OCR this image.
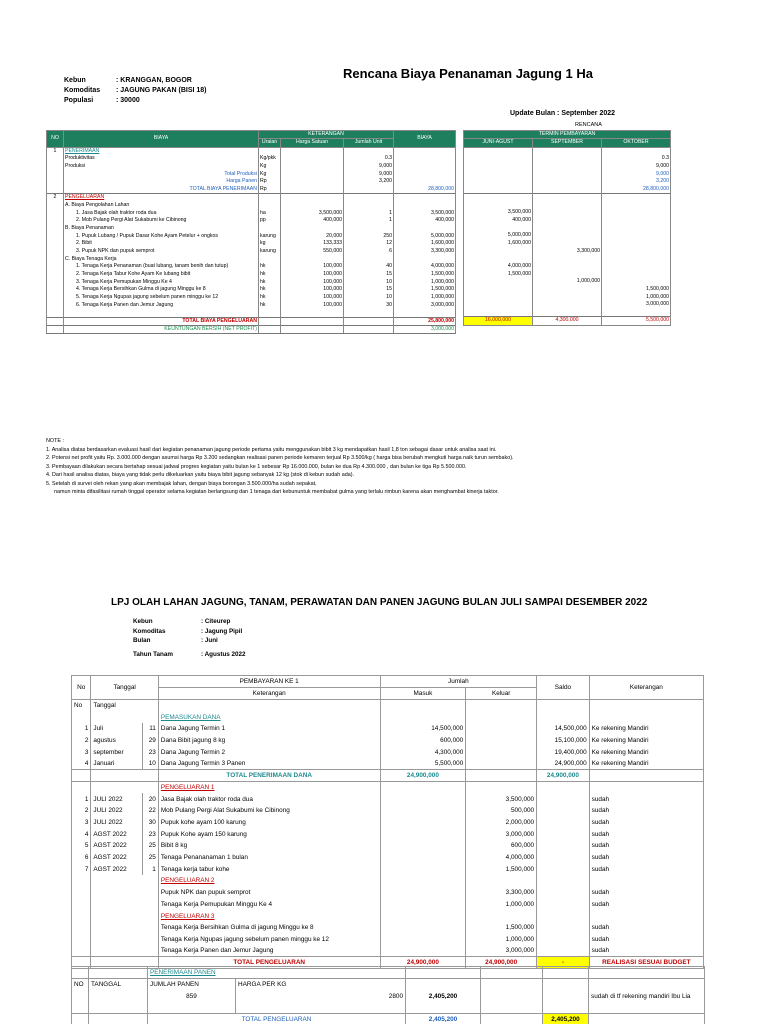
Rencana Biaya Penanaman Jagung 1 Ha
Kebun	: KRANGGAN, BOGOR
Komoditas : JAGUNG PAKAN (BISI 18)
Populasi	: 30000
Update Bulan : September 2022
RENCANA
NO	BIAYA	KETERANGAN			BIAYA
		Uraian	Harga Satuan	Jumlah Unit	
1	PENERIMAAN				
	Produktivitas	Kg/pkk		0.3	
	Produksi	Kg		9,000	
	Total Produksi	Kg		9,000	
	Harga Panen	Rp		3,200	
	TOTAL BIAYA PENERIMAAN	Rp			28,800,000
2	PENGELUARAN				
	A. Biaya Pengolahan Lahan				
	1. Jasa Bajak olah traktor roda dua	ha	3,500,000	1	3,500,000
	2. Mob Pulang Pergi Alat Sukabumi ke Cibinong	pp	400,000	1	400,000
	B. Biaya Penanaman				
	1. Pupuk Lubang / Pupuk Dasar Kohe Ayam Petelur + ongkos	karung	20,000	250	5,000,000
	2. Bibit	kg	133,333	12	1,600,000
	3. Pupuk NPK dan pupuk semprot	karung	550,000	6	3,300,000
	C. Biaya Tenaga Kerja				
	1. Tenaga Kerja Penanaman (buat lubang, tanam benih dan tutup)	hk	100,000	40	4,000,000
	2. Tenaga Kerja Tabur Kohe Ayam Ke lubang bibit	hk	100,000	15	1,500,000
	3. Tenaga Kerja Pemupukan Minggu Ke 4	hk	100,000	10	1,000,000
	4. Tenaga Kerja Bersihkan Gulma di jagung Minggu ke 8	hk	100,000	15	1,500,000
	5. Tenaga Kerja Ngupas jagung sebelum panen minggu ke 12	hk	100,000	10	1,000,000
	6. Tenaga Kerja Panen dan Jemur Jagung	hk	100,000	30	3,000,000

	TOTAL BIAYA PENGELUARAN				25,800,000
	KEUNTUNGAN BERSIH (NET PROFIT)				3,000,000
TERMIN PEMBAYARAN		
JUNI-AGUST	SEPTEMBER	OKTOBER

		0.3
		9,000
		9,000
		3,200
		28,800,000

3,500,000		
400,000		

5,000,000		
1,600,000		
	3,300,000	

4,000,000		
1,500,000		
	1,000,000	
		1,500,000
		1,000,000
		3,000,000

16,000,000	4,300,000	5,500,000
NOTE :
1. Analisa diatas berdasarkan evaluasi hasil dari kegiatan penanaman jagung periode pertama yaitu menggunakan bibit 3 kg mendapatkan hasil 1,8 ton sebagai dasar untuk analisa saat ini.
2. Potensi net profit yaitu Rp. 3.000.000 dengan asumsi harga Rp 3.200 sedangkan realisasi panen periode kemaren terjual Rp 3.500/kg ( harga bisa berubah mengkuti harga naik turun sembako).
3. Pembayaan dilakukan secara bertahap sesuai jadwal progres kegiatan yaitu bulan ke 1 sebesar Rp 16.000.000, bulan ke dua Rp 4.300.000 , dan bulan ke tiga Rp 5.500.000.
4. Dari hasil analisa diatas, biaya yang tidak perlu dikeluarkan yaitu biaya bibit jagung sebanyak 12 kg (stok di kebun sudah ada).
5. Setelah di survei oleh rekan yang akan membajak lahan, dengan biaya borongan 3.500.000/ha sudah sepakat,
namun minta difasilitasi rumah tinggal operator selama kegiatan berlangsung dan 1 tenaga dari kebununtuk membabat gulma yang terlalu rimbun karena akan menghambat kinerja taktor.
LPJ OLAH LAHAN JAGUNG, TANAM, PERAWATAN DAN PANEN JAGUNG BULAN JULI SAMPAI DESEMBER 2022
Kebun	: Citeurep
Komoditas	: Jagung Pipil
Bulan	: Juni
Tahun Tanam	: Agustus 2022
No	Tanggal		PEMBAYARAN KE 1	Jumlah		Saldo	Keterangan
			Keterangan	Masuk	Keluar		
No	Tanggal						
			PEMASUKAN DANA				
1	Juli	11	Dana Jagung Termin 1	14,500,000		14,500,000	Ke rekening Mandiri
2	agustus	29	Dana Bibit jagung 8 kg	600,000		15,100,000	Ke rekening Mandiri
3	september	23	Dana Jagung Termin 2	4,300,000		19,400,000	Ke rekening Mandiri
4	Januari	10	Dana Jagung Termin 3 Panen	5,500,000		24,900,000	Ke rekening Mandiri
			TOTAL PENERIMAAN DANA	24,900,000		24,900,000	
			PENGELUARAN 1				
1	JULI 2022	20	Jasa Bajak olah traktor roda dua		3,500,000		sudah
2	JULI 2022	22	Mob Pulang Pergi Alat Sukabumi ke Cibinong		500,000		sudah
3	JULI 2022	30	Pupuk kohe ayam 100 karung		2,000,000		sudah
4	AGST 2022	23	Pupuk Kohe ayam 150 karung		3,000,000		sudah
5	AGST 2022	25	Bibit 8 kg		600,000		sudah
6	AGST 2022	25	Tenaga Penananaman 1 bulan		4,000,000		sudah
7	AGST 2022	1	Tenaga kerja tabur kohe		1,500,000		sudah
			PENGELUARAN 2				
			Pupuk NPK dan pupuk semprot		3,300,000		sudah
			Tenaga Kerja Pemupukan Minggu Ke 4		1,000,000		sudah
			PENGELUARAN 3				
			Tenaga Kerja Bersihkan Gulma di jagung Minggu ke 8		1,500,000		sudah
			Tenaga Kerja Ngupas jagung sebelum panen minggu ke 12		1,000,000		sudah
			Tenaga Kerja Panen dan Jemur Jagung		3,000,000		sudah
			TOTAL PENGELUARAN	24,900,000	24,900,000	-	REALISASI SESUAI BUDGET
		PENERIMAAN PANEN					
NO	TANGGAL	JUMLAH PANEN	HARGA PER KG				
		859	2800	2,405,200			sudah di tf rekening mandiri Ibu Lia

		TOTAL PENGELUARAN		2,405,200		2,405,200	
